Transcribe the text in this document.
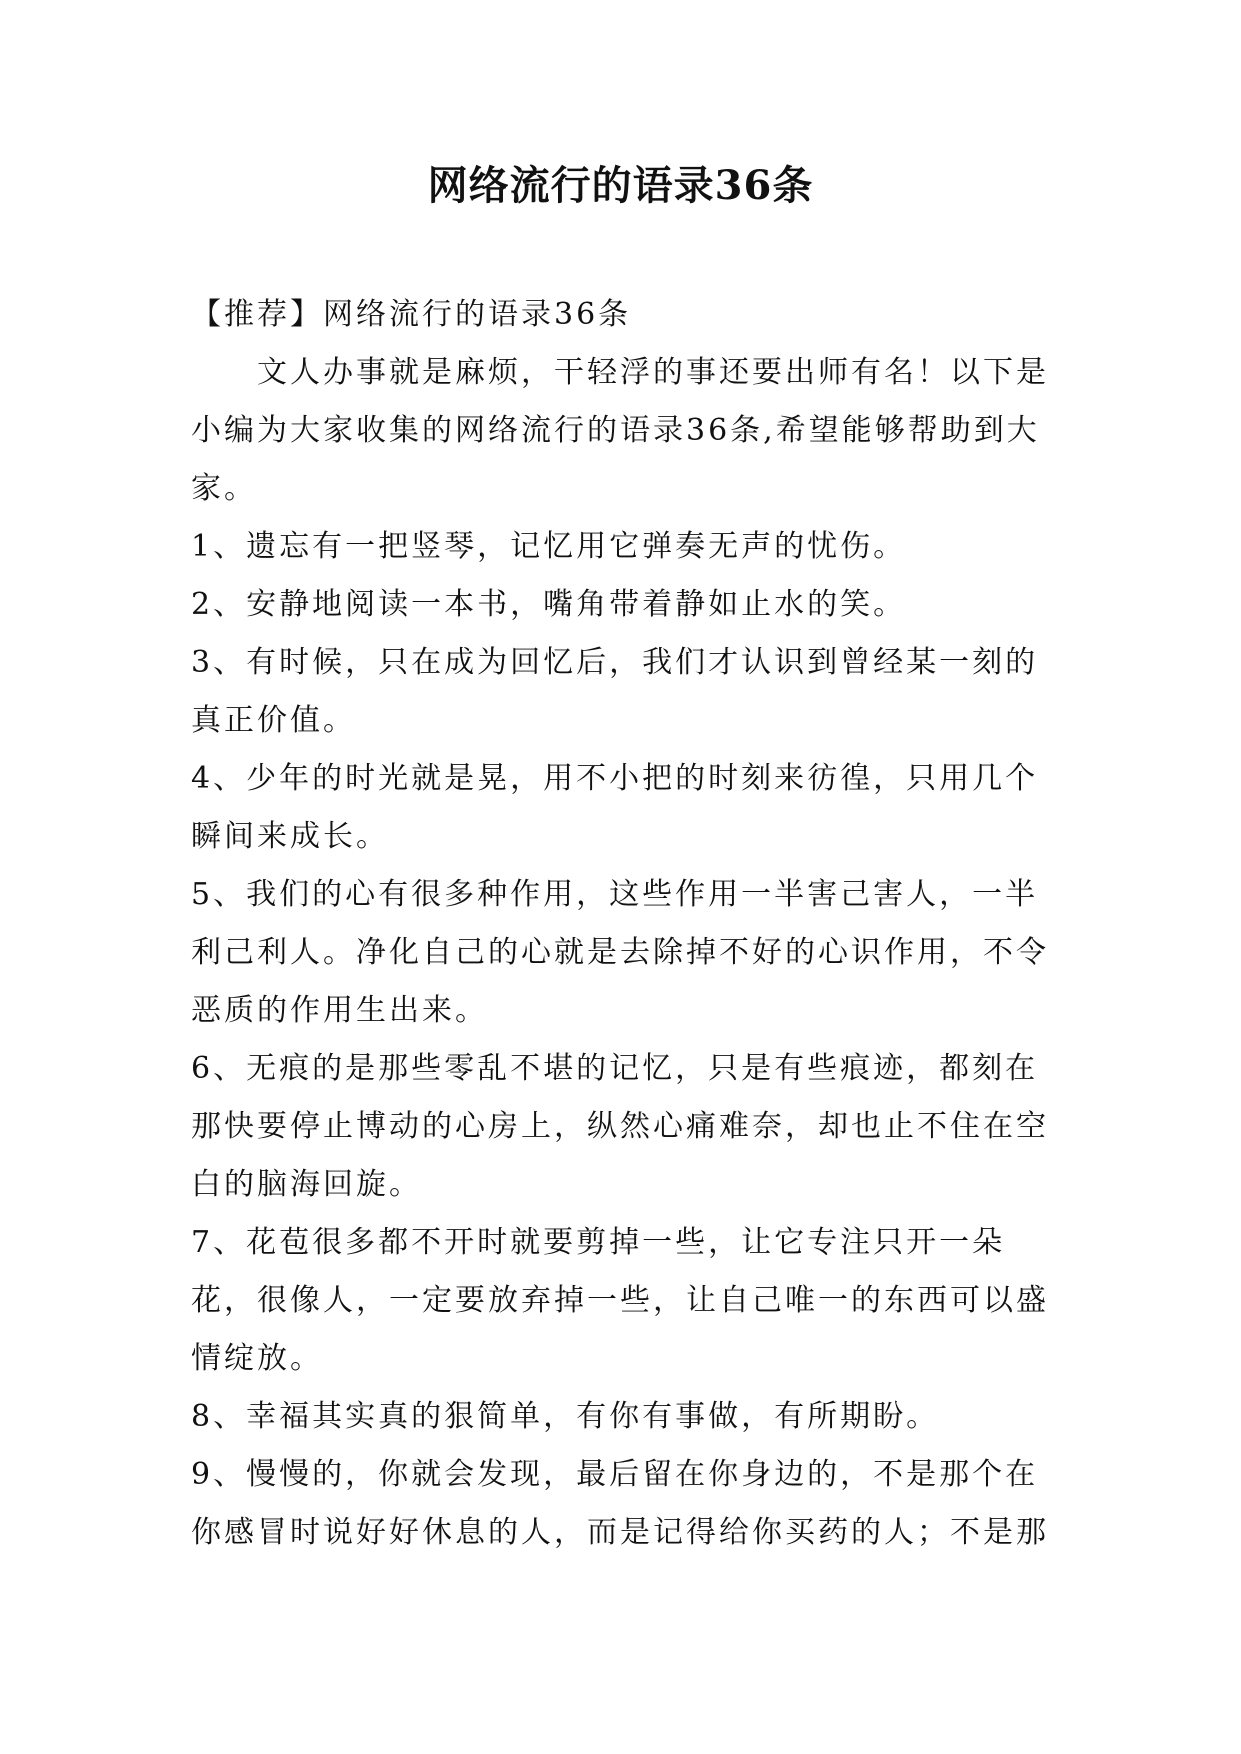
网络流行的语录36条

【推荐】网络流行的语录36条

文人办事就是麻烦，干轻浮的事还要出师有名！以下是小编为大家收集的网络流行的语录36条,希望能够帮助到大家。

1、遗忘有一把竖琴，记忆用它弹奏无声的忧伤。

2、安静地阅读一本书，嘴角带着静如止水的笑。

3、有时候，只在成为回忆后，我们才认识到曾经某一刻的真正价值。

4、少年的时光就是晃，用不小把的时刻来彷徨，只用几个瞬间来成长。

5、我们的心有很多种作用，这些作用一半害己害人，一半利己利人。净化自己的心就是去除掉不好的心识作用，不令恶质的作用生出来。

6、无痕的是那些零乱不堪的记忆，只是有些痕迹，都刻在那快要停止博动的心房上，纵然心痛难奈，却也止不住在空白的脑海回旋。

7、花苞很多都不开时就要剪掉一些，让它专注只开一朵花，很像人，一定要放弃掉一些，让自己唯一的东西可以盛情绽放。

8、幸福其实真的狠简单，有你有事做，有所期盼。

9、慢慢的，你就会发现，最后留在你身边的，不是那个在你感冒时说好好休息的人，而是记得给你买药的人；不是那
